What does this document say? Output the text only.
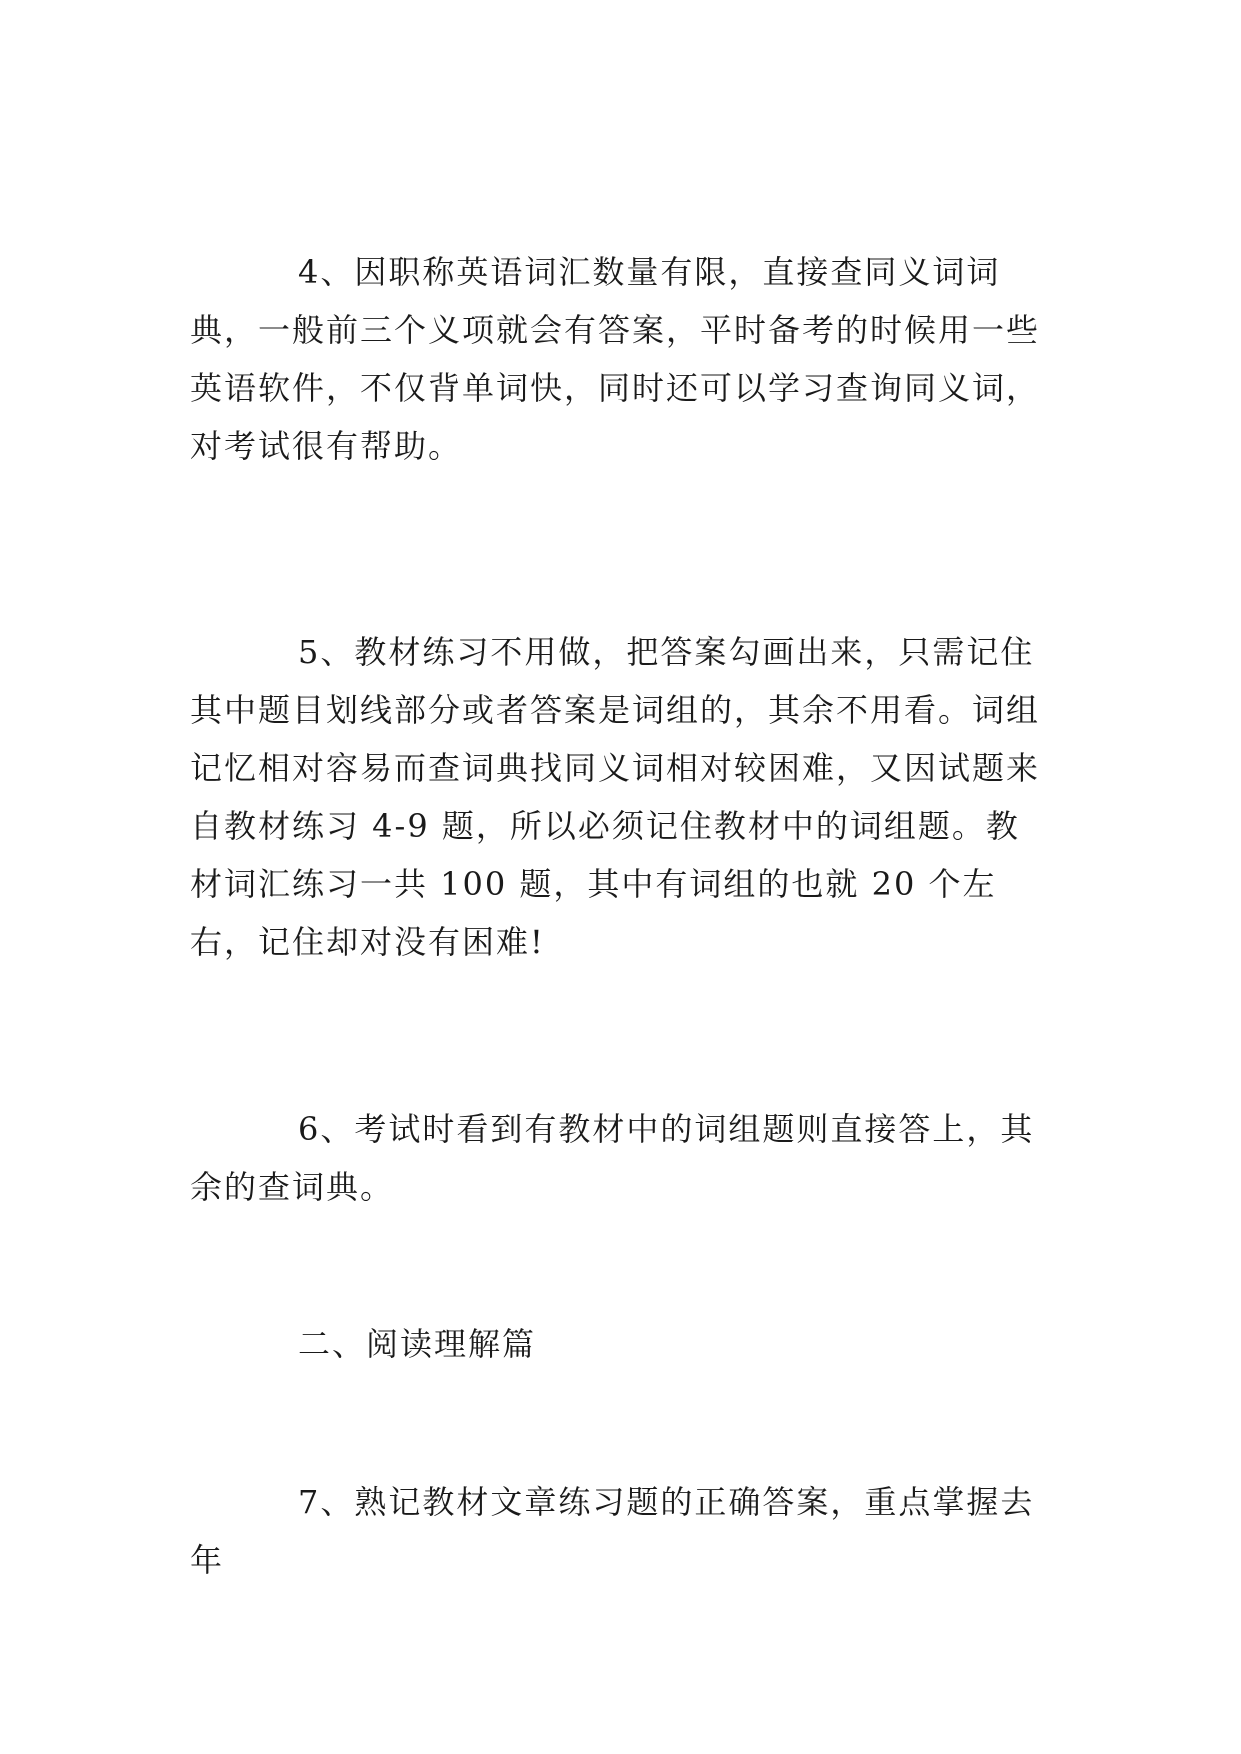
4、因职称英语词汇数量有限，直接查同义词词典，一般前三个义项就会有答案，平时备考的时候用一些英语软件，不仅背单词快，同时还可以学习查询同义词，对考试很有帮助。

5、教材练习不用做，把答案勾画出来，只需记住其中题目划线部分或者答案是词组的，其余不用看。词组记忆相对容易而查词典找同义词相对较困难，又因试题来自教材练习 4-9 题，所以必须记住教材中的词组题。教材词汇练习一共 100 题，其中有词组的也就 20 个左右，记住却对没有困难!

6、考试时看到有教材中的词组题则直接答上，其余的查词典。

二、阅读理解篇

7、熟记教材文章练习题的正确答案，重点掌握去年
